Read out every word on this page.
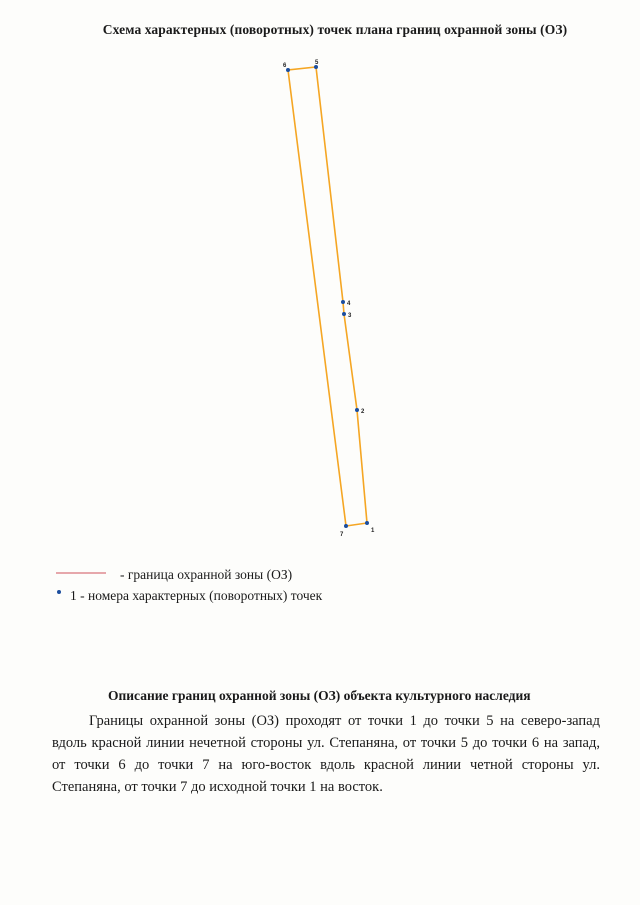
Схема характерных (поворотных) точек плана границ охранной зоны (ОЗ)
1
2
3
4
5
6
7
- граница охранной зоны (ОЗ)
1 - номера характерных (поворотных) точек
Описание границ охранной зоны (ОЗ) объекта культурного наследия
Границы охранной зоны (ОЗ) проходят от точки 1 до точки 5 на северо-запад вдоль красной линии нечетной стороны ул. Степаняна, от точки 5 до точки 6 на запад, от точки 6 до точки 7 на юго-восток вдоль красной линии четной стороны ул. Степаняна, от точки 7 до исходной точки 1 на восток.
